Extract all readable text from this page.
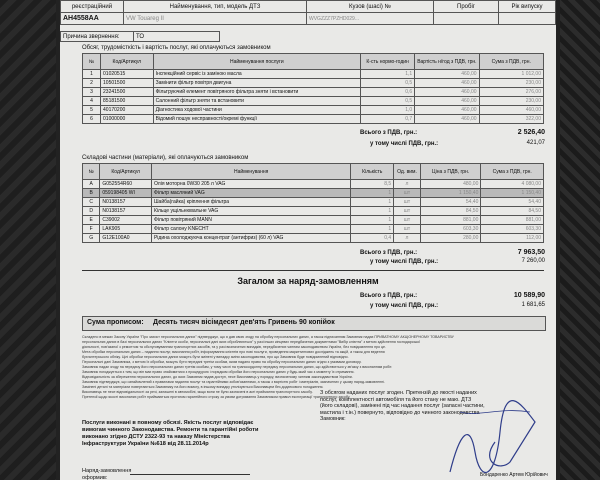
реєстраційний	Найменування, тип, модель ДТЗ	Кузов (шасі) №	Пробіг	Рік випуску
AH4558AA	VW Touareg II	WVGZZZ7PZHD029...		
Причина звернення:	ТО
Обсяг, трудомісткість і вартість послуг, які оплачуються замовником
№	Код/Артикул	Найменування послуги	К-сть нормо-годин	Вартість н/год з ПДВ, грн.	Сума з ПДВ, грн.
1	01020515	Інспекційний сервіс із заміною масла	1,1	460,00	1 012,00
2	10501500	Замінити фільтр повітря двигуна	0,5	460,00	230,00
3	23241500	Фільтруючий елемент повітряного фільтра зняти і встановити	0,6	460,00	276,00
4	85181500	Салонний фільтр зняти та встановити	0,5	460,00	230,00
5	40170200	Діагностика ходової частини	1,0	460,00	460,00
6	01000000	Відомий пошук несправності/окремі функції	0,7	460,00	322,00
Всього з ПДВ, грн.:	2 526,40
у тому числі ПДВ, грн.:	421,07
Складові частини (матеріали), які оплачуються замовником
№	Код/Артикул	Найменування	Кількість	Од. вим.	Ціна з ПДВ, грн.	Сума з ПДВ, грн.
A	G052554R60	Олія моторна 0W30 205 л VAG	8,5	л	480,00	4 080,00
B	059198405 WI	Фільтр масляний VAG	1	шт	1 150,40	1 150,40
C	N0138157	Шайба(гайка) кріплення фільтра	1	шт	54,40	54,40
D	N0138157	Кільце ущільнювальне VAG	1	шт	84,50	84,50
E	C39002	Фільтр повітряний MANN	1	шт	881,00	881,00
F	LAK905	Фільтр салону KNECHT	1	шт	603,30	603,30
G	G12E100A0	Рідина охолоджуюча концентрат (антифриз) (60 л) VAG	0,4	л	280,00	112,00
Всього з ПДВ, грн.:	7 963,50
у тому числі ПДВ, грн.:	7 260,00
Загалом за наряд-замовленням
Всього з ПДВ, грн.:	10 589,90
у тому числі ПДВ, грн.:	1 681,65
Сума прописом: Десять тисяч вісімдесят дев'ять Гривень 90 копійок
Складено в межах Закону України "Про захист персональних даних" підтверджує, що я дав свою згоду на обробку персональних даних, а також підписанням Замовник надає ПРИВАТНОМУ АКЦІОНЕРНОМУ ТОВАРИСТВУ
персональних даних в базі персональних даних "Клієнти особи, персональні дані яких оброблюються" у разі інших кінцевих передбачених документами "Вибір клієнта" з метою здійснення господарської
діяльності, пов'язаної з ремонтом та обслуговуванням транспортних засобів, та у разі визначених випадків, передбачених чинним законодавством України, без повідомлення про це.
Мета обробки персональних даних – надання послуг, виконання робіт, інформування клієнтів про нові послуги, проведення маркетингових досліджень та акцій, а також для ведення
бухгалтерського обліку. Цілі обробки персональних даних можуть бути змінені у випадку зміни законодавства, про що Замовник буде повідомлений відповідно.
Персональні дані Замовника, з метою їх обробки, можуть бути передані третім особам, яким надано право на обробку персональних даних згідно з умовами договору.
Замовник надає згоду на передачу його персональних даних третім особам, у тому числі на транскордонну передачу персональних даних, що здійснюється у зв'язку з виконанням робіт.
Замовник погоджується з тим, що він має право знайомитися з процедурою і порядком обробки його персональних даних у будь-який час з моменту їх отримання.
Відповідальність за збереження персональних даних, до яких Замовник надав доступ, несе Виконавець у порядку, визначеному чинним законодавством України.
Замовник підтверджує, що ознайомлений з правилами надання послуг та гарантійними зобов'язаннями, а також з вартістю робіт і матеріалів, зазначених у цьому наряд-замовленні.
Замінені деталі та матеріали повертаються Замовнику на його вимогу, в іншому випадку утилізуються Виконавцем без додаткового погодження.
Виконавець не несе відповідальності за речі, залишені в автомобілі, якщо вони не були зазначені в акті приймання транспортного засобу.
Претензії щодо якості виконаних робіт приймаються протягом гарантійного строку за умови дотримання Замовником правил експлуатації транспортного засобу.
Послуги виконані в повному обсязі. Якість послуг відповідає
вимогам чинного Законодавства. Ремонти та гарантійні роботи
виконано згідно ДСТУ 2322-93 та наказу Міністерства
Інфраструктури України №618 від 28.11.2014р
Наряд-замовлення
оформив:
З обсягом наданих послуг згоден. Претензій до якості наданих
послуг, комплектності автомобіля та його стану не маю. ДТЗ
(його складові), замінені під час надання послуг (запасні частини,
мастила і т.ін.) повернуто, відповідно до чинного законодавства
Замовник:
Бондаренко Артем Юрійович
